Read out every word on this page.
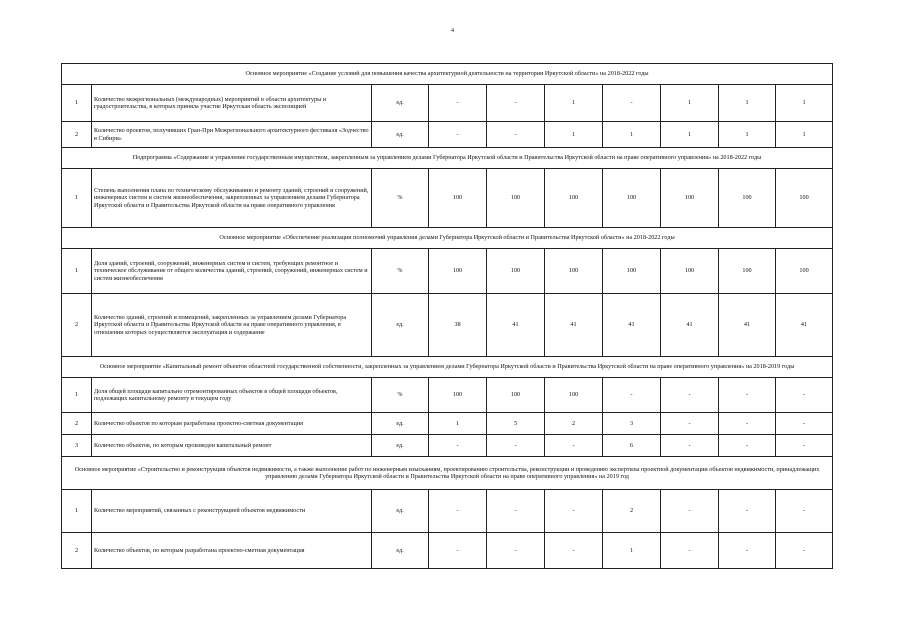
4
Основное мероприятие «Создание условий для повышения качества архитектурной деятельности на территории Иркутской области» на 2018-2022 годы									
1	Количество межрегиональных (международных) мероприятий в области архитектуры и градостроительства, в которых приняла участие Иркутская область экспозицией	ед.	-	-	1	-	1	1	1
2	Количество проектов, получивших Гран-При Межрегионального архитектурного фестиваля «Зодчество в Сибири»	ед.	-	-	1	1	1	1	1
Подпрограмма «Содержание и управление государственным имуществом, закрепленным за управлением делами Губернатора Иркутской области и Правительства Иркутской области на праве оперативного управления» на 2018-2022 годы									
1	Степень выполнения плана по техническому обслуживанию и ремонту зданий, строений и сооружений, инженерных систем и систем жизнеобеспечения, закрепленных за управлением делами Губернатора Иркутской области и Правительства Иркутской области на праве оперативного управления	%	100	100	100	100	100	100	100
Основное мероприятие «Обеспечение реализации полномочий управления делами Губернатора Иркутской области и Правительства Иркутской области» на 2018-2022 годы									
1	Доля зданий, строений, сооружений, инженерных систем и систем, требующих ремонтное и техническое обслуживание от общего количества зданий, строений, сооружений, инженерных систем и систем жизнеобеспечения	%	100	100	100	100	100	100	100
2	Количество зданий, строений и помещений, закрепленных за управлением делами Губернатора Иркутской области и Правительства Иркутской области на праве оперативного управления, в отношении которых осуществляется эксплуатация и содержание	ед.	38	41	41	41	41	41	41
Основное мероприятие «Капитальный ремонт объектов областной государственной собственности, закрепленных за управлением делами Губернатора Иркутской области и Правительства Иркутской области на праве оперативного управления» на 2018-2019 годы									
1	Доля общей площади капитально отремонтированных объектов в общей площади объектов, подлежащих капитальному ремонту в текущем году	%	100	100	100	-	-	-	-
2	Количество объектов по которым разработана проектно-сметная документация	ед.	1	5	2	3	-	-	-
3	Количество объектов, по которым произведен капитальный ремонт	ед.	-	-	-	6	-	-	-
Основное мероприятие «Строительство и реконструкция объектов недвижимости, а также выполнение работ по инженерным изысканиям, проектированию строительства, реконструкции и проведению экспертизы проектной документации объектов недвижимости, принадлежащих управлению делами Губернатора Иркутской области и Правительства Иркутской области на праве оперативного управления» на 2019 год									
1	Количество мероприятий, связанных с реконструкцией объектов недвижимости	ед.	-	-	-	2	-	-	-
2	Количество объектов, по которым разработана проектно-сметная документация	ед.	-	-	-	1	-	-	-
